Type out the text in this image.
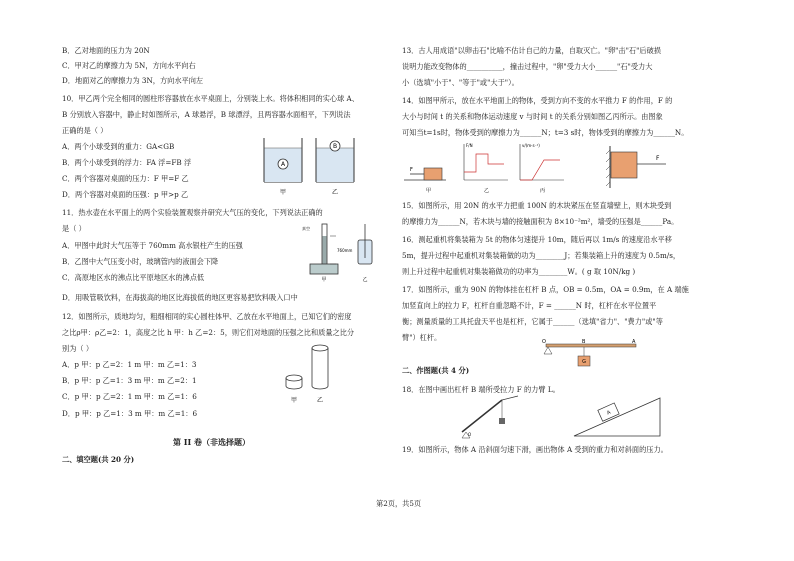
B．乙对地面的压力为 20N
C．甲对乙的摩擦力为 5N，方向水平向右
D．地面对乙的摩擦力为 3N，方向水平向左
10．甲乙两个完全相同的圆柱形容器放在水平桌面上，分别装上水。将体积相同的实心球 A、
B 分别放入容器中，静止时如图所示，A 球悬浮，B 球漂浮，且两容器水面相平，下列说法
正确的是（ ）
A．两个小球受到的重力：GA<GB
B．两个小球受到的浮力：FA 浮=FB 浮
C．两个容器对桌面的压力：F 甲=F 乙
D．两个容器对桌面的压强：p 甲>p 乙
11．热水壶在水平面上的两个实验装置观察并研究大气压的变化，下列说法正确的
是（ ）
A．甲图中此时大气压等于 760mm 高水银柱产生的压强
B．乙图中大气压变小时，玻璃管内的液面会下降
C．高原地区水的沸点比平原地区水的沸点低
D．用吸管吸饮料，在海拔高的地区比海拔低的地区更容易把饮料吸入口中
12．如图所示，质地均匀，粗细相同的实心圆柱体甲、乙放在水平地面上，已知它们的密度
之比ρ甲：ρ乙=2：1，高度之比 h 甲：h 乙=2：5，则它们对地面的压强之比和质量之比分
别为（ ）
A．p 甲：p 乙=2：1 m 甲：m 乙=1：3
B．p 甲：p 乙=1：3 m 甲：m 乙=2：1
C．p 甲：p 乙=2：1 m 甲：m 乙=1：6
D．p 甲：p 乙=1：3 m 甲：m 乙=1：6
第 II 卷（非选择题）
二、填空题(共 20 分)
第2页，共5页
13．古人用成语"以卵击石"比喻不估计自己的力量，自取灭亡。"卵"击"石"后破损
说明力能改变物体的__________，撞击过程中，"卵"受力大小______"石"受力大
小（选填"小于"、"等于"或"大于"）。
14．如图甲所示，放在水平地面上的物体，受到方向不变的水平推力 F 的作用，F 的
大小与时间 t 的关系和物体运动速度 v 与时间 t 的关系分别如图乙丙所示。由图象
可知当t=1s时，物体受到的摩擦力为______N；t=3 s时，物体受到的摩擦力为______N。
15．如图所示，用 20N 的水平力把重 100N 的木块紧压在竖直墙壁上，则木块受到
的摩擦力为______N，若木块与墙的接触面积为 8×10⁻²m²，墙受的压强是______Pa。
16．测起重机将集装箱为 5t 的物体匀速提升 10m，随后再以 1m/s 的速度沿水平移
5m，提升过程中起重机对集装箱做的功为________J；若集装箱上升的速度为 0.5m/s，
则上升过程中起重机对集装箱做功的功率为________W。( g 取 10N/kg )
17．如图所示，重为 90N 的物体挂在杠杆 B 点，OB = 0.5m，OA = 0.9m，在 A 端施
加竖直向上的拉力 F，杠杆自重忽略不计，F = ______N 时，杠杆在水平位置平
衡；测量质量的工具托盘天平也是杠杆，它属于______（选填"省力"、"费力"或"等
臂"）杠杆。
18．在图中画出杠杆 B 端所受拉力 F 的力臂 L。
19．如图所示，物体 A 沿斜面匀速下滑，画出物体 A 受到的重力和对斜面的压力。
二、作图题(共 4 分)
A
B
甲	乙
真空
760mm
甲	乙
甲	乙
F
甲
F/N
乙
v/(m·s⁻¹)
丙
F
O	B	A
G
O
A
